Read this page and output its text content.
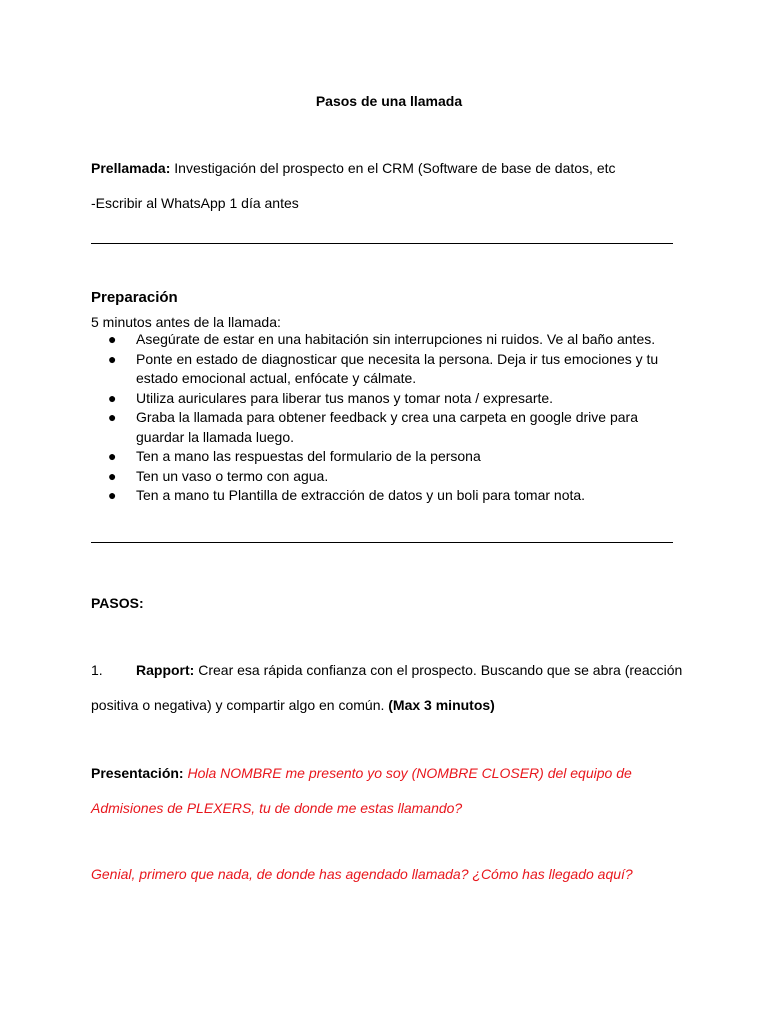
Pasos de una llamada
Prellamada: Investigación del prospecto en el CRM (Software de base de datos, etc
-Escribir al WhatsApp 1 día antes
Preparación
5 minutos antes de la llamada:
● Asegúrate de estar en una habitación sin interrupciones ni ruidos. Ve al baño antes.
● Ponte en estado de diagnosticar que necesita la persona. Deja ir tus emociones y tu estado emocional actual, enfócate y cálmate.
● Utiliza auriculares para liberar tus manos y tomar nota / expresarte.
● Graba la llamada para obtener feedback y crea una carpeta en google drive para guardar la llamada luego.
● Ten a mano las respuestas del formulario de la persona
● Ten un vaso o termo con agua.
● Ten a mano tu Plantilla de extracción de datos y un boli para tomar nota.
PASOS:
1. Rapport: Crear esa rápida confianza con el prospecto. Buscando que se abra (reacción
positiva o negativa) y compartir algo en común. (Max 3 minutos)
Presentación: Hola NOMBRE me presento yo soy (NOMBRE CLOSER) del equipo de
Admisiones de PLEXERS, tu de donde me estas llamando?
Genial, primero que nada, de donde has agendado llamada? ¿Cómo has llegado aquí?
